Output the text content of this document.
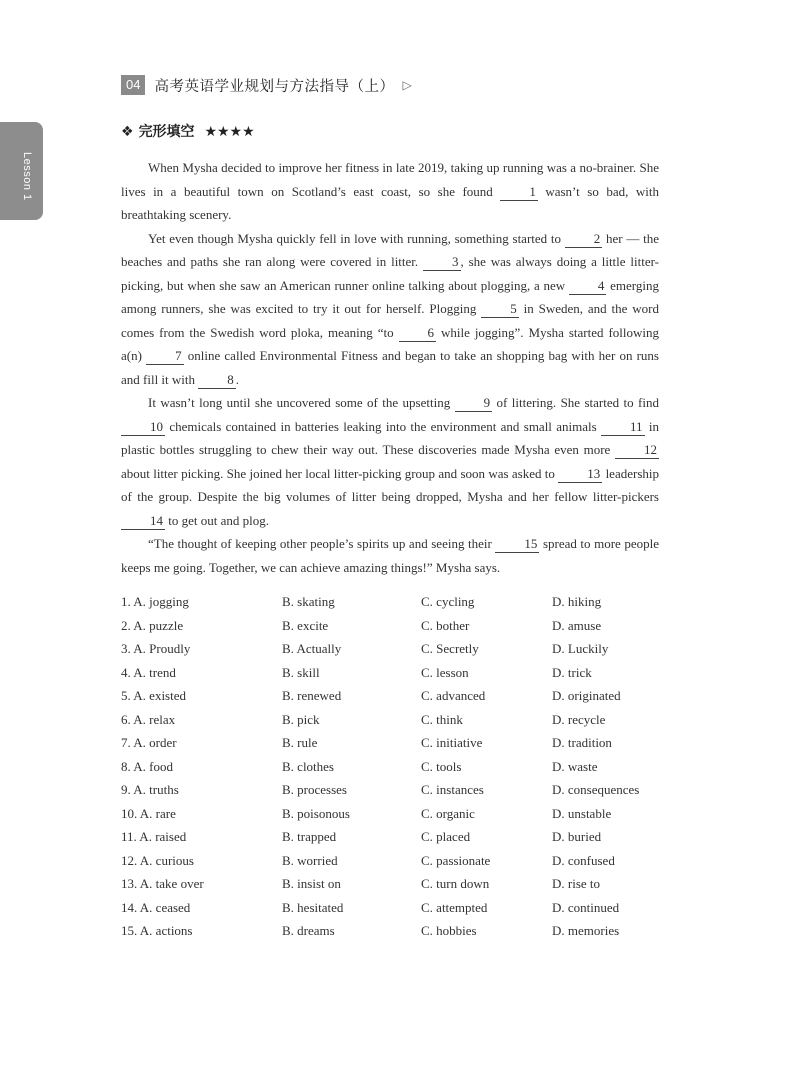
Lesson 1
04 高考英语学业规划与方法指导（上） ▷
❖ 完形填空 ★★★★

When Mysha decided to improve her fitness in late 2019, taking up running was a no-brainer. She lives in a beautiful town on Scotland’s east coast, so she found 1 wasn’t so bad, with breathtaking scenery.

Yet even though Mysha quickly fell in love with running, something started to 2 her — the beaches and paths she ran along were covered in litter. 3 , she was always doing a little litter-picking, but when she saw an American runner online talking about plogging, a new 4 emerging among runners, she was excited to try it out for herself. Plogging 5 in Sweden, and the word comes from the Swedish word ploka, meaning “to 6 while jogging”. Mysha started following a(n) 7 online called Environmental Fitness and began to take an shopping bag with her on runs and fill it with 8 .

It wasn’t long until she uncovered some of the upsetting 9 of littering. She started to find 10 chemicals contained in batteries leaking into the environment and small animals 11 in plastic bottles struggling to chew their way out. These discoveries made Mysha even more 12 about litter picking. She joined her local litter-picking group and soon was asked to 13 leadership of the group. Despite the big volumes of litter being dropped, Mysha and her fellow litter-pickers 14 to get out and plog.

“The thought of keeping other people’s spirits up and seeing their 15 spread to more people keeps me going. Together, we can achieve amazing things!” Mysha says.

1. A. jogging	B. skating	C. cycling	D. hiking
2. A. puzzle	B. excite	C. bother	D. amuse
3. A. Proudly	B. Actually	C. Secretly	D. Luckily
4. A. trend	B. skill	C. lesson	D. trick
5. A. existed	B. renewed	C. advanced	D. originated
6. A. relax	B. pick	C. think	D. recycle
7. A. order	B. rule	C. initiative	D. tradition
8. A. food	B. clothes	C. tools	D. waste
9. A. truths	B. processes	C. instances	D. consequences
10. A. rare	B. poisonous	C. organic	D. unstable
11. A. raised	B. trapped	C. placed	D. buried
12. A. curious	B. worried	C. passionate	D. confused
13. A. take over	B. insist on	C. turn down	D. rise to
14. A. ceased	B. hesitated	C. attempted	D. continued
15. A. actions	B. dreams	C. hobbies	D. memories
